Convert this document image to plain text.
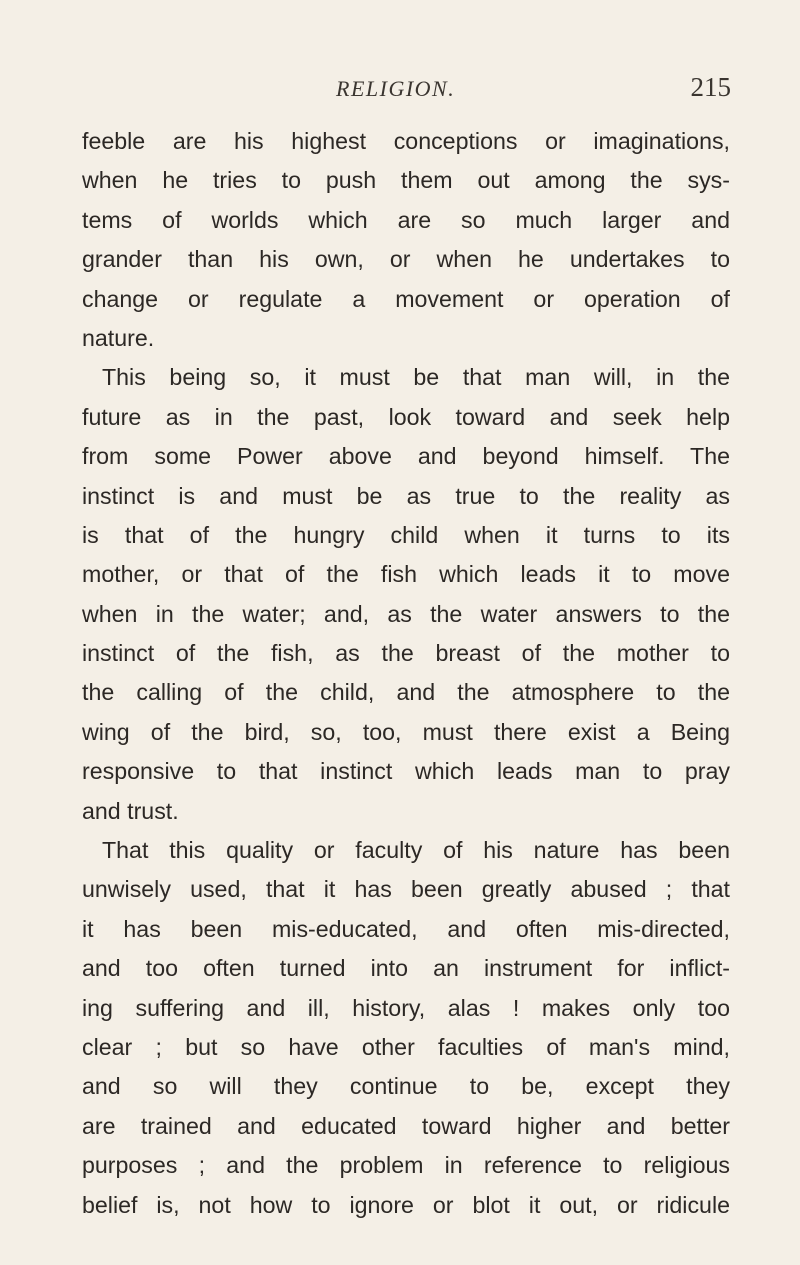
RELIGION.	215
feeble are his highest conceptions or imaginations,
when he tries to push them out among the sys-
tems of worlds which are so much larger and
grander than his own, or when he undertakes to
change or regulate a movement or operation of
nature.
This being so, it must be that man will, in the
future as in the past, look toward and seek help
from some Power above and beyond himself. The
instinct is and must be as true to the reality as
is that of the hungry child when it turns to its
mother, or that of the fish which leads it to move
when in the water; and, as the water answers to the
instinct of the fish, as the breast of the mother to
the calling of the child, and the atmosphere to the
wing of the bird, so, too, must there exist a Being
responsive to that instinct which leads man to pray
and trust.
That this quality or faculty of his nature has been
unwisely used, that it has been greatly abused ; that
it has been mis-educated, and often mis-directed,
and too often turned into an instrument for inflict-
ing suffering and ill, history, alas ! makes only too
clear ; but so have other faculties of man's mind,
and so will they continue to be, except they
are trained and educated toward higher and better
purposes ; and the problem in reference to religious
belief is, not how to ignore or blot it out, or ridicule
